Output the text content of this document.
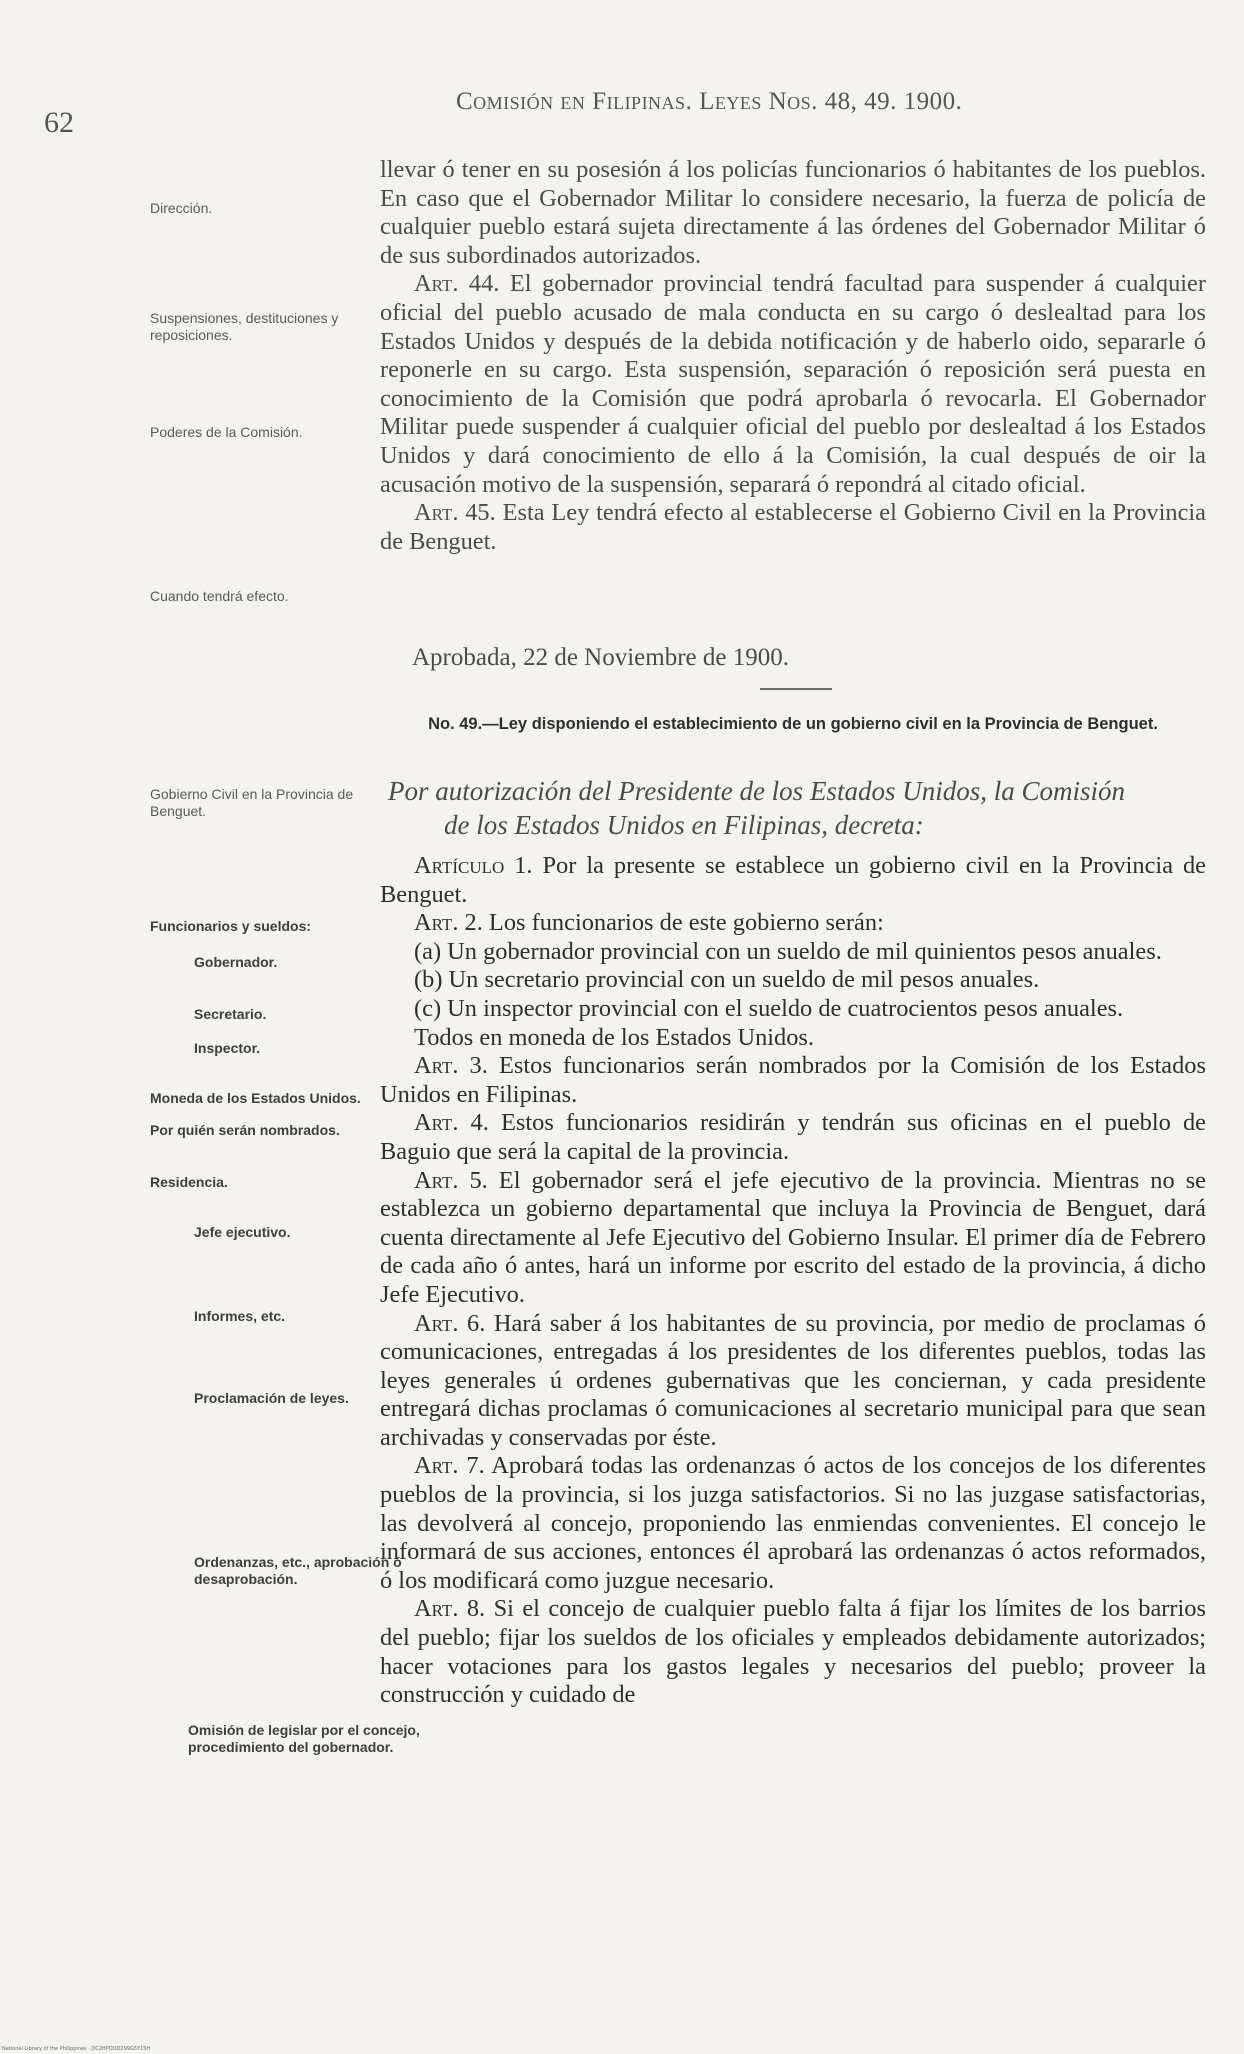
62
Comisión en Filipinas. Leyes Nos. 48, 49. 1900.
Dirección.
Suspensiones, destituciones y reposiciones.
Poderes de la Comisión.
Cuando tendrá efecto.
Gobierno Civil en la Provincia de Benguet.
Funcionarios y sueldos:
Gobernador.
Secretario.
Inspector.
Moneda de los Estados Unidos.
Por quién serán nombrados.
Residencia.
Jefe ejecutivo.
Informes, etc.
Proclamación de leyes.
Ordenanzas, etc., aprobación ó desaprobación.
Omisión de legislar por el concejo, procedimiento del gobernador.

llevar ó tener en su posesión á los policías funcionarios ó habitantes de los pueblos. En caso que el Gobernador Militar lo considere necesario, la fuerza de policía de cualquier pueblo estará sujeta directamente á las órdenes del Gobernador Militar ó de sus subordinados autorizados.

Art. 44. El gobernador provincial tendrá facultad para suspender á cualquier oficial del pueblo acusado de mala conducta en su cargo ó deslealtad para los Estados Unidos y después de la debida notificación y de haberlo oido, separarle ó reponerle en su cargo. Esta suspensión, separación ó reposición será puesta en conocimiento de la Comisión que podrá aprobarla ó revocarla. El Gobernador Militar puede suspender á cualquier oficial del pueblo por deslealtad á los Estados Unidos y dará conocimiento de ello á la Comisión, la cual después de oir la acusación motivo de la suspensión, separará ó repondrá al citado oficial.

Art. 45. Esta Ley tendrá efecto al establecerse el Gobierno Civil en la Provincia de Benguet.

Aprobada, 22 de Noviembre de 1900.
No. 49.—Ley disponiendo el establecimiento de un gobierno civil en la Provincia de Benguet.
Por autorización del Presidente de los Estados Unidos, la Comisión
de los Estados Unidos en Filipinas, decreta:

Artículo 1. Por la presente se establece un gobierno civil en la Provincia de Benguet.

Art. 2. Los funcionarios de este gobierno serán:

(a) Un gobernador provincial con un sueldo de mil quinientos pesos anuales.

(b) Un secretario provincial con un sueldo de mil pesos anuales.

(c) Un inspector provincial con el sueldo de cuatrocientos pesos anuales.

Todos en moneda de los Estados Unidos.

Art. 3. Estos funcionarios serán nombrados por la Comisión de los Estados Unidos en Filipinas.

Art. 4. Estos funcionarios residirán y tendrán sus oficinas en el pueblo de Baguio que será la capital de la provincia.

Art. 5. El gobernador será el jefe ejecutivo de la provincia. Mientras no se establezca un gobierno departamental que incluya la Provincia de Benguet, dará cuenta directamente al Jefe Ejecutivo del Gobierno Insular. El primer día de Febrero de cada año ó antes, hará un informe por escrito del estado de la provincia, á dicho Jefe Ejecutivo.

Art. 6. Hará saber á los habitantes de su provincia, por medio de proclamas ó comunicaciones, entregadas á los presidentes de los diferentes pueblos, todas las leyes generales ú ordenes gubernativas que les conciernan, y cada presidente entregará dichas proclamas ó comunicaciones al secretario municipal para que sean archivadas y conservadas por éste.

Art. 7. Aprobará todas las ordenanzas ó actos de los concejos de los diferentes pueblos de la provincia, si los juzga satisfactorios. Si no las juzgase satisfactorias, las devolverá al concejo, proponiendo las enmiendas convenientes. El concejo le informará de sus acciones, entonces él aprobará las ordenanzas ó actos reformados, ó los modificará como juzgue necesario.

Art. 8. Si el concejo de cualquier pueblo falta á fijar los límites de los barrios del pueblo; fijar los sueldos de los oficiales y empleados debidamente autorizados; hacer votaciones para los gastos legales y necesarios del pueblo; proveer la construcción y cuidado de

National Library of the Philippines · DC2HPOOD299G5Y1SH
